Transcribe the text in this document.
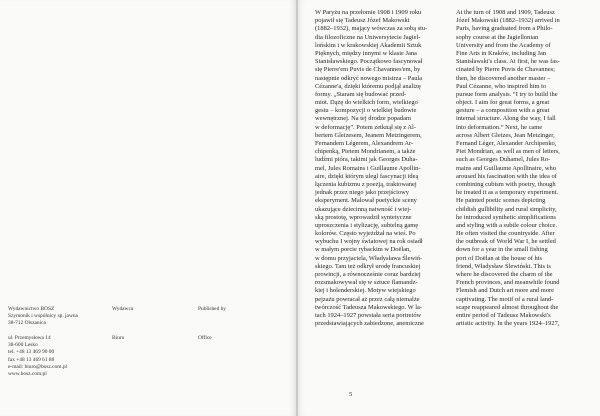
Wydawnictwo BOSZ
Szymonik i wspólnicy sp. jawna
38-712 Olszanica
ul. Przemysłowa 14
38-600 Lesko
tel. +48 13 469 90 00
fax +48 13 469 61 88
e-mail: biuro@bosz.com.pl
www.bosz.com.pl
Wydawca	Published by
Biuro	Office
W Paryżu na przełomie 1908 i 1909 roku
pojawił się Tadeusz Józef Makowski
(1882–1932), mający wówczas za sobą stu-
dia filozoficzne na Uniwersytecie Jagiel-
lońskim i w krakowskiej Akademii Sztuk
Pięknych, między innymi w klasie Jana
Stanisławskiego. Początkowo fascynował
się Pierre'em Puvis de Chavannes'em, by
następnie odkryć nowego mistrza – Paula
Cézanne'a, dzięki któremu podjął analizę
formy. „Staram się budować przed-
miot. Dążę do wielkich form, wielkiego
gestu – kompozycji o wielkiej budowie
wewnętrznej. Na tej drodze popadam
w deformację”. Potem zetknął się z Al-
bertem Gleizesem, Jeanem Metzingerem,
Fernandem Légerem, Alexandrem Ar-
chipenką, Pietem Mondrianem, a także
ludźmi pióra, takimi jak Georges Duha-
mel, Jules Romains i Guillaume Apollin-
aire, dzięki którym ulegl fascynacji ideą
łączenia kubizmu z poezją, traktowanej
jednak przez niego jako przejściowy
eksperyment. Malował poetyckie sceny
ukazujące dziecinną naiwność i wiej-
ską prostotę, wprowadził syntetyczne
uproszczenia i stylizację, subtelną gamę
kolorów. Często wyjeżdżał na wieś. Po
wybuchu I wojny światowej na rok osiadł
w małym porcie rybackim w Doëlan,
w domu przyjaciela, Władysława Ślewiń-
skiego. Tam też odkrył urodę francuskiej
prowincji, a równocześnie coraz bardziej
rozsmakowywał się w sztuce flamandz-
kiej i holenderskiej. Motyw wiejskiego
pejzażu powracał aż przez całą niemalże
twórczość Tadeusza Makowskiego. W la-
tach 1924–1927 powstała seria portretów
przedstawiających zabiedzone, anemiczne
At the turn of 1908 and 1909, Tadeusz
Józef Makowski (1882–1932) arrived in
Paris, having graduated from a Philo-
sophy course at the Jagiellonian
University and from the Academy of
Fine Arts in Kraków, including Jan
Stanisławski's class. At first, he was fas-
cinated by Pierre Puvis de Chavannes;
then, he discovered another master –
Paul Cézanne, who inspired him to
pursue form analysis. “I try to build the
object. I aim for great forms, a great
gesture – a composition with a great
internal structure. Along the way, I fall
into deformation.” Next, he came
across Albert Gleizes, Jean Metzinger,
Fernand Léger, Alexander Archipenko,
Piet Mondrian, as well as men of letters,
such as Georges Duhamel, Jules Ro-
mains and Guillaume Apollinaire, who
aroused his fascination with the idea of
combining cubism with poetry, though
he treated it as a temporary experiment.
He painted poetic scenes depicting
childish gullibility and rural simplicity,
he introduced synthetic simplifications
and styling with a subtle colour choice.
He often visited the countryside. After
the outbreak of World War I, he settled
down for a year in the small fishing
port of Doëlan at the house of his
friend, Władysław Ślewiński. This is
where he discovered the charm of the
French provinces, and meanwhile found
Flemish and Dutch art more and more
captivating. The motif of a rural land-
scape reappeared almost throughout the
entire period of Tadeusz Makowski's
artistic activity. In the years 1924–1927,
5
